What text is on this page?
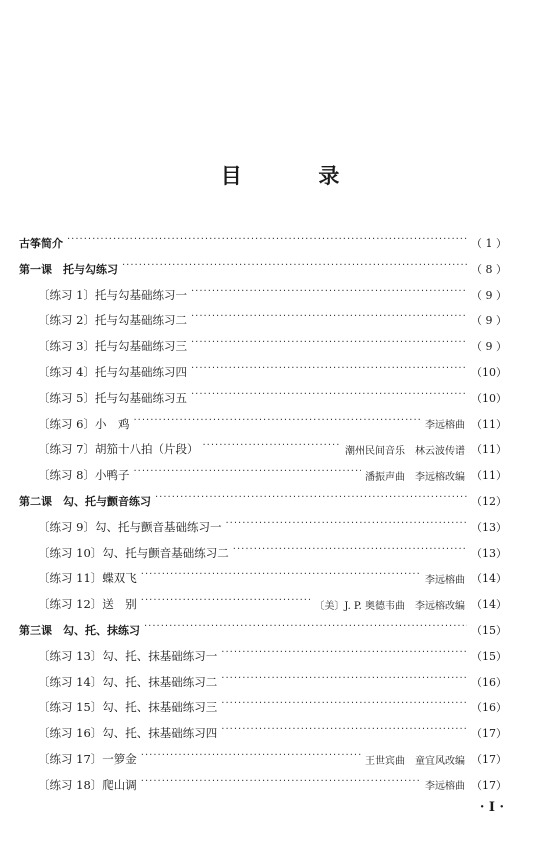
目	录
古筝简介 ·····	（ 1 ）
第一课　托与勾练习 ·····	（ 8 ）
〔练习 1〕托与勾基础练习一 ·····	（ 9 ）
〔练习 2〕托与勾基础练习二 ·····	（ 9 ）
〔练习 3〕托与勾基础练习三 ·····	（ 9 ）
〔练习 4〕托与勾基础练习四 ·····	（10）
〔练习 5〕托与勾基础练习五 ·····	（10）
〔练习 6〕小　鸡 ·····	李远榕曲 （11）
〔练习 7〕胡笳十八拍（片段） ·····	潮州民间音乐　林云波传谱 （11）
〔练习 8〕小鸭子 ·····	潘振声曲　李远榕改编 （11）
第二课　勾、托与颤音练习 ·····	（12）
〔练习 9〕勾、托与颤音基础练习一 ·····	（13）
〔练习 10〕勾、托与颤音基础练习二 ·····	（13）
〔练习 11〕蝶双飞 ·····	李远榕曲 （14）
〔练习 12〕送　别 ·····	〔美〕J. P. 奥德韦曲　李远榕改编 （14）
第三课　勾、托、抹练习 ·····	（15）
〔练习 13〕勾、托、抹基础练习一 ·····	（15）
〔练习 14〕勾、托、抹基础练习二 ·····	（16）
〔练习 15〕勾、托、抹基础练习三 ·····	（16）
〔练习 16〕勾、托、抹基础练习四 ·····	（17）
〔练习 17〕一箩金 ·····	王世宾曲　童宜风改编 （17）
〔练习 18〕爬山调 ·····	李远榕曲 （17）
· I ·
